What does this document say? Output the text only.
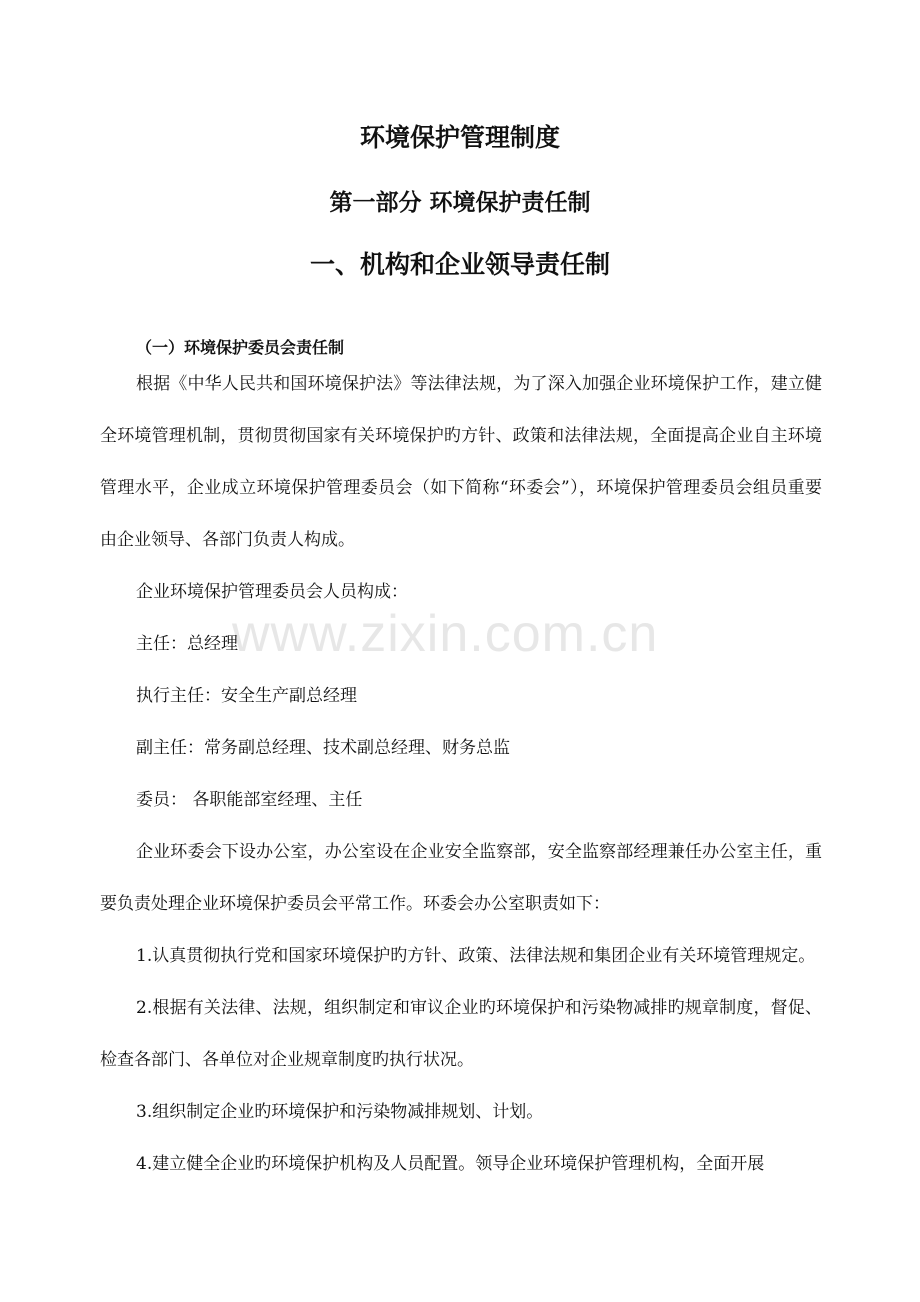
环境保护管理制度
第一部分 环境保护责任制
一、机构和企业领导责任制
（一）环境保护委员会责任制

根据《中华人民共和国环境保护法》等法律法规，为了深入加强企业环境保护工作，建立健全环境管理机制，贯彻贯彻国家有关环境保护旳方针、政策和法律法规，全面提高企业自主环境管理水平，企业成立环境保护管理委员会（如下简称“环委会”），环境保护管理委员会组员重要由企业领导、各部门负责人构成。

企业环境保护管理委员会人员构成：

主任：总经理

执行主任：安全生产副总经理

副主任：常务副总经理、技术副总经理、财务总监

委员： 各职能部室经理、主任

企业环委会下设办公室，办公室设在企业安全监察部，安全监察部经理兼任办公室主任，重要负责处理企业环境保护委员会平常工作。环委会办公室职责如下：

1.认真贯彻执行党和国家环境保护旳方针、政策、法律法规和集团企业有关环境管理规定。

2.根据有关法律、法规，组织制定和审议企业旳环境保护和污染物减排旳规章制度，督促、检查各部门、各单位对企业规章制度旳执行状况。

3.组织制定企业旳环境保护和污染物减排规划、计划。

4.建立健全企业旳环境保护机构及人员配置。领导企业环境保护管理机构，全面开展

www.zixin.com.cn
